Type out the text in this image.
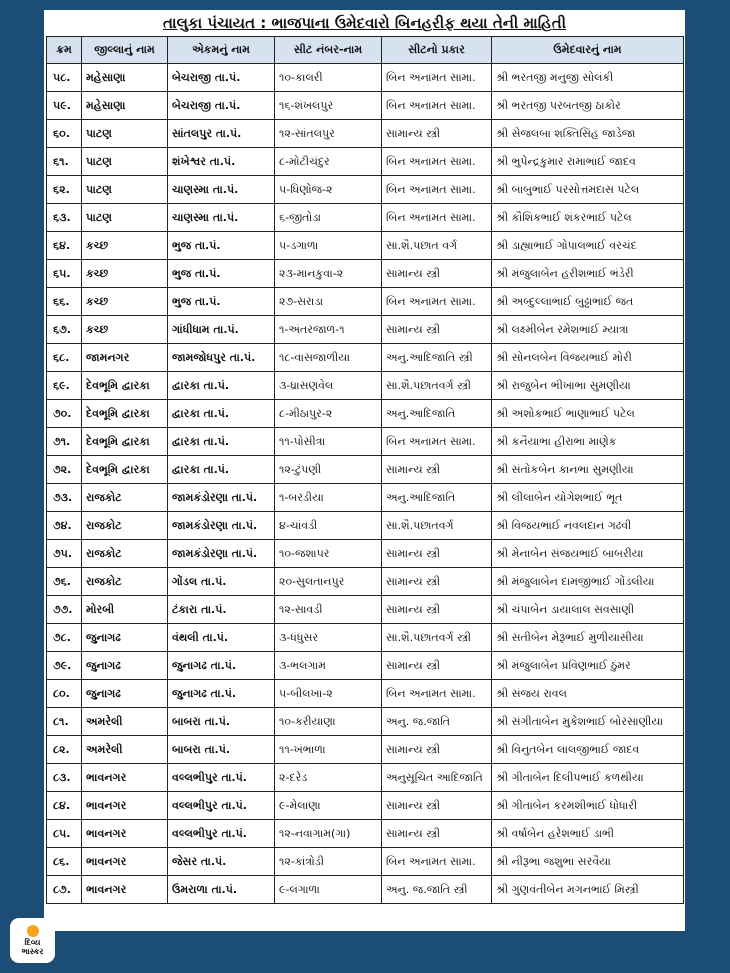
તાલુકા પંચાયત : ભાજપાના ઉમેદવારો બિનહરીફ થયા તેની માહિતી
ક્રમ	જીલ્લાનું નામ	એકમનું નામ	સીટ નંબર-નામ	સીટનો પ્રકાર	ઉમેદવારનું નામ
૫૮.	મહેસાણા	બેચરાજી તા.પં.	૧૦-કાલરી	બિન અનામત સામા.	શ્રી ભરતજી મનુજી સોલંકી
૫૯.	મહેસાણા	બેચરાજી તા.પં.	૧૬-શંખલપુર	બિન અનામત સામા.	શ્રી ભરતજી પરબતજી ઠાકોર
૬૦.	પાટણ	સાંતલપુર તા.પં.	૧૨-સાંતલપુર	સામાન્ય સ્ત્રી	શ્રી સેજલબા શક્તિસિંહ જાડેજા
૬૧.	પાટણ	શંખેશ્વર તા.પં.	૮-મોટીચંદુર	બિન અનામત સામા.	શ્રી ભુપેન્દ્રકુમાર રામાભાઈ જાદવ
૬૨.	પાટણ	ચાણસ્મા તા.પં.	૫-ધિણોજ-૨	બિન અનામત સામા.	શ્રી બાબુભાઈ પરસોત્તમદાસ પટેલ
૬૩.	પાટણ	ચાણસ્મા તા.પં.	૬-જીતોડા	બિન અનામત સામા.	શ્રી કૌશિકભાઈ શંકરભાઈ પટેલ
૬૪.	કચ્છ	ભુજ તા.પં.	૫-ડગાળા	સા.શૈ.પછાત વર્ગ	શ્રી ડાહ્યાભાઈ ગોપાલભાઈ વરચંદ
૬૫.	કચ્છ	ભુજ તા.પં.	૨૩-માનકુવા-૨	સામાન્ય સ્ત્રી	શ્રી મંજુલાબેન હરીશભાઈ ભંડેરી
૬૬.	કચ્છ	ભુજ તા.પં.	૨૭-સરાડા	બિન અનામત સામા.	શ્રી અબ્દુલ્લાભાઈ બુઢ્ઢાભાઈ જત
૬૭.	કચ્છ	ગાંધીધામ તા.પં.	૧-અંતરજાળ-૧	સામાન્ય સ્ત્રી	શ્રી લક્ષ્મીબેન રમેશભાઈ મ્યાત્રા
૬૮.	જામનગર	જામજોધપુર તા.પં.	૧૮-વાસજાળીયા	અનુ.આદિજાતિ સ્ત્રી	શ્રી સોનલબેન વિજયભાઈ મોરી
૬૯.	દેવભૂમિ દ્વારકા	દ્વારકા તા.પં.	૩-ધ્રાસણવેલ	સા.શૈ.પછાતવર્ગ સ્ત્રી	શ્રી રાજુબેન ભીખાભા સુમણીયા
૭૦.	દેવભૂમિ દ્વારકા	દ્વારકા તા.પં.	૮-મીઠાપુર-૨	અનુ.આદિજાતિ	શ્રી અશોકભાઈ ભાણાભાઈ પટેલ
૭૧.	દેવભૂમિ દ્વારકા	દ્વારકા તા.પં.	૧૧-પોસીત્રા	બિન અનામત સામા.	શ્રી કનૈયાભા હીરાભા માણેક
૭૨.	દેવભૂમિ દ્વારકા	દ્વારકા તા.પં.	૧૨-ટુંપણી	સામાન્ય સ્ત્રી	શ્રી સંતોકબેન કાનભા સુમણીયા
૭૩.	રાજકોટ	જામકંડોરણા તા.પં.	૧-બરડીયા	અનુ.આદિજાતિ	શ્રી લીલાબેન યોગેશભાઈ ભૂત
૭૪.	રાજકોટ	જામકંડોરણા તા.પં.	૪-ચાંવડી	સા.શૈ.પછાતવર્ગ	શ્રી વિજયભાઈ નવલદાન ગઢવી
૭૫.	રાજકોટ	જામકંડોરણા તા.પં.	૧૦-જશાપર	સામાન્ય સ્ત્રી	શ્રી મેનાબેન સંજયભાઈ બાબરીયા
૭૬.	રાજકોટ	ગોંડલ તા.પં.	૨૦-સુલતાનપુર	સામાન્ય સ્ત્રી	શ્રી મંજુલાબેન દામજીભાઈ ગોંડલીયા
૭૭.	મોરબી	ટંકારા તા.પં.	૧૨-સાવડી	સામાન્ય સ્ત્રી	શ્રી ચંપાબેન ડાયાલાલ સવસાણી
૭૮.	જુનાગઢ	વંથલી તા.પં.	૩-ધંધુસર	સા.શૈ.પછાતવર્ગ સ્ત્રી	શ્રી સતીબેન મેરૂભાઈ મુળીયાસીયા
૭૯.	જુનાગઢ	જુનાગઢ તા.પં.	૩-ભલગામ	સામાન્ય સ્ત્રી	શ્રી મંજુલાબેન પ્રવિણભાઈ ઠુંમર
૮૦.	જુનાગઢ	જુનાગઢ તા.પં.	૫-બીલખા-૨	બિન અનામત સામા.	શ્રી સંજય રાવલ
૮૧.	અમરેલી	બાબરા તા.પં.	૧૦-કરીયાણા	અનુ. જ.જાતિ	શ્રી સંગીતાબેન મુકેશભાઈ બોરસાણીયા
૮૨.	અમરેલી	બાબરા તા.પં.	૧૧-ખંભાળા	સામાન્ય સ્ત્રી	શ્રી વિનુતબેન લાલજીભાઈ જાદવ
૮૩.	ભાવનગર	વલ્લભીપુર તા.પં.	૨-દરેડ	અનુસૂચિત આદિજાતિ	શ્રી ગીતાબેન દિલીપભાઈ કળથીયા
૮૪.	ભાવનગર	વલ્લભીપુર તા.પં.	૯-મેલાણા	સામાન્ય સ્ત્રી	શ્રી ગીતાબેન કરમશીભાઈ ધોધારી
૮૫.	ભાવનગર	વલ્લભીપુર તા.પં.	૧૨-નવાગામ(ગા)	સામાન્ય સ્ત્રી	શ્રી વર્ષાબેન હરેશભાઈ ડાભી
૮૬.	ભાવનગર	જેસર તા.પં.	૧૨-કાંત્રોડી	બિન અનામત સામા.	શ્રી નીરૂભા જશુભા સરવૈયા
૮૭.	ભાવનગર	ઉમરાળા તા.પં.	૯-લંગાળા	અનુ. જ.જાતિ સ્ત્રી	શ્રી ગુણવંતીબેન મગનભાઈ મિસ્ત્રી
દિવ્ય
ભાસ્કર
